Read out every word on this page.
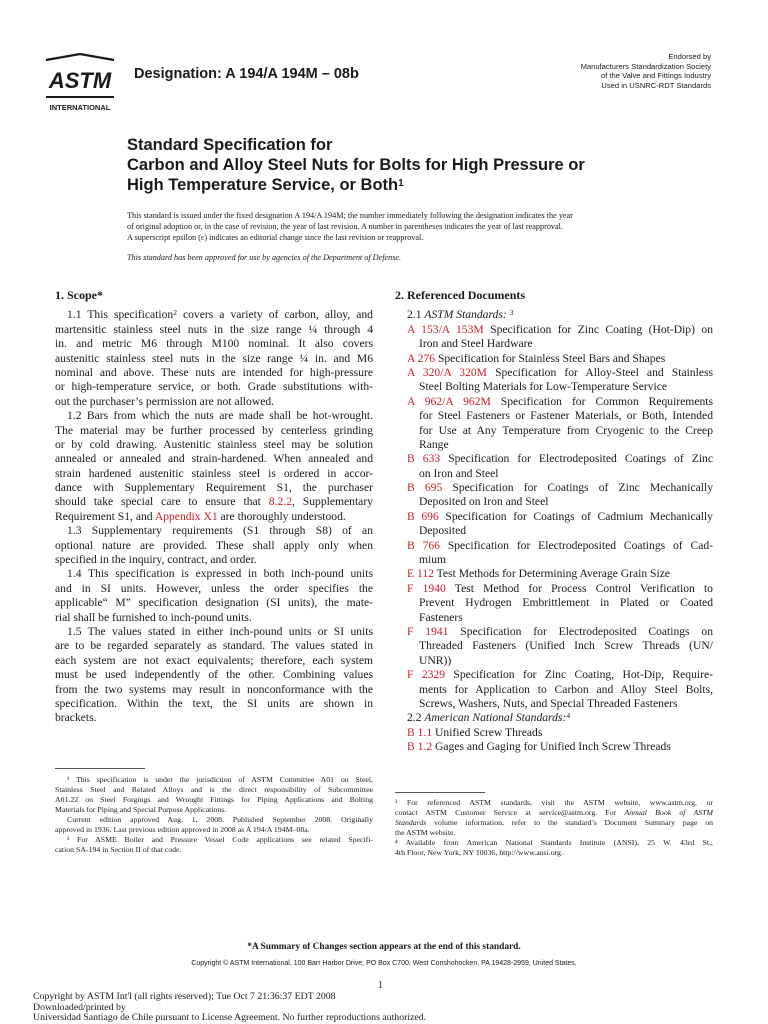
ASTM
INTERNATIONAL
Designation: A 194/A 194M – 08b
Endorsed by
Manufacturers Standardization Society
of the Valve and Fittings Industry
Used in USNRC-RDT Standards
Standard Specification for
Carbon and Alloy Steel Nuts for Bolts for High Pressure or
High Temperature Service, or Both$^1$
This standard is issued under the fixed designation A 194/A 194M; the number immediately following the designation indicates the year
of original adoption or, in the case of revision, the year of last revision. A number in parentheses indicates the year of last reapproval.
A superscript epsilon (ε) indicates an editorial change since the last revision or reapproval.
This standard has been approved for use by agencies of the Department of Defense.
1. Scope*
1.1 This specification$^2$ covers a variety of carbon, alloy, and
martensitic stainless steel nuts in the size range ¼ through 4
in. and metric M6 through M100 nominal. It also covers
austenitic stainless steel nuts in the size range ¼ in. and M6
nominal and above. These nuts are intended for high-pressure
or high-temperature service, or both. Grade substitutions with-
out the purchaser’s permission are not allowed.
1.2 Bars from which the nuts are made shall be hot-wrought.
The material may be further processed by centerless grinding
or by cold drawing. Austenitic stainless steel may be solution
annealed or annealed and strain-hardened. When annealed and
strain hardened austenitic stainless steel is ordered in accor-
dance with Supplementary Requirement S1, the purchaser
should take special care to ensure that 8.2.2, Supplementary
Requirement S1, and Appendix X1 are thoroughly understood.
1.3 Supplementary requirements (S1 through S8) of an
optional nature are provided. These shall apply only when
specified in the inquiry, contract, and order.
1.4 This specification is expressed in both inch-pound units
and in SI units. However, unless the order specifies the
applicable“ M” specification designation (SI units), the mate-
rial shall be furnished to inch-pound units.
1.5 The values stated in either inch-pound units or SI units
are to be regarded separately as standard. The values stated in
each system are not exact equivalents; therefore, each system
must be used independently of the other. Combining values
from the two systems may result in nonconformance with the
specification. Within the text, the SI units are shown in
brackets.
2. Referenced Documents
2.1 ASTM Standards: $^3$
A 153/A 153M Specification for Zinc Coating (Hot-Dip) on
Iron and Steel Hardware
A 276 Specification for Stainless Steel Bars and Shapes
A 320/A 320M Specification for Alloy-Steel and Stainless
Steel Bolting Materials for Low-Temperature Service
A 962/A 962M Specification for Common Requirements
for Steel Fasteners or Fastener Materials, or Both, Intended
for Use at Any Temperature from Cryogenic to the Creep
Range
B 633 Specification for Electrodeposited Coatings of Zinc
on Iron and Steel
B 695 Specification for Coatings of Zinc Mechanically
Deposited on Iron and Steel
B 696 Specification for Coatings of Cadmium Mechanically
Deposited
B 766 Specification for Electrodeposited Coatings of Cad-
mium
E 112 Test Methods for Determining Average Grain Size
F 1940 Test Method for Process Control Verification to
Prevent Hydrogen Embrittlement in Plated or Coated
Fasteners
F 1941 Specification for Electrodeposited Coatings on
Threaded Fasteners (Unified Inch Screw Threads (UN/
UNR))
F 2329 Specification for Zinc Coating, Hot-Dip, Require-
ments for Application to Carbon and Alloy Steel Bolts,
Screws, Washers, Nuts, and Special Threaded Fasteners
2.2 American National Standards:$^4$
B 1.1 Unified Screw Threads
B 1.2 Gages and Gaging for Unified Inch Screw Threads
¹ This specification is under the jurisdiction of ASTM Committee A01 on Steel,
Stainless Steel and Related Alloys and is the direct responsibility of Subcommittee
A01.22 on Steel Forgings and Wrought Fittings for Piping Applications and Bolting
Materials for Piping and Special Purpose Applications.
Current edition approved Aug. 1, 2008. Published September 2008. Originally
approved in 1936. Last previous edition approved in 2008 as A 194/A 194M–08a.
² For ASME Boiler and Pressure Vessel Code applications see related Specifi-
cation SA-194 in Section II of that code.
³ For referenced ASTM standards, visit the ASTM website, www.astm.org, or
contact ASTM Customer Service at service@astm.org. For Annual Book of ASTM
Standards volume information, refer to the standard’s Document Summary page on
the ASTM website.
⁴ Available from American National Standards Institute (ANSI), 25 W. 43rd St.,
4th Floor, New York, NY 10036, http://www.ansi.org.
*A Summary of Changes section appears at the end of this standard.
Copyright © ASTM International, 100 Barr Harbor Drive, PO Box C700, West Conshohocken, PA 19428-2959, United States.
1
Copyright by ASTM Int'l (all rights reserved); Tue Oct 7 21:36:37 EDT 2008
Downloaded/printed by
Universidad Santiago de Chile pursuant to License Agreement. No further reproductions authorized.
